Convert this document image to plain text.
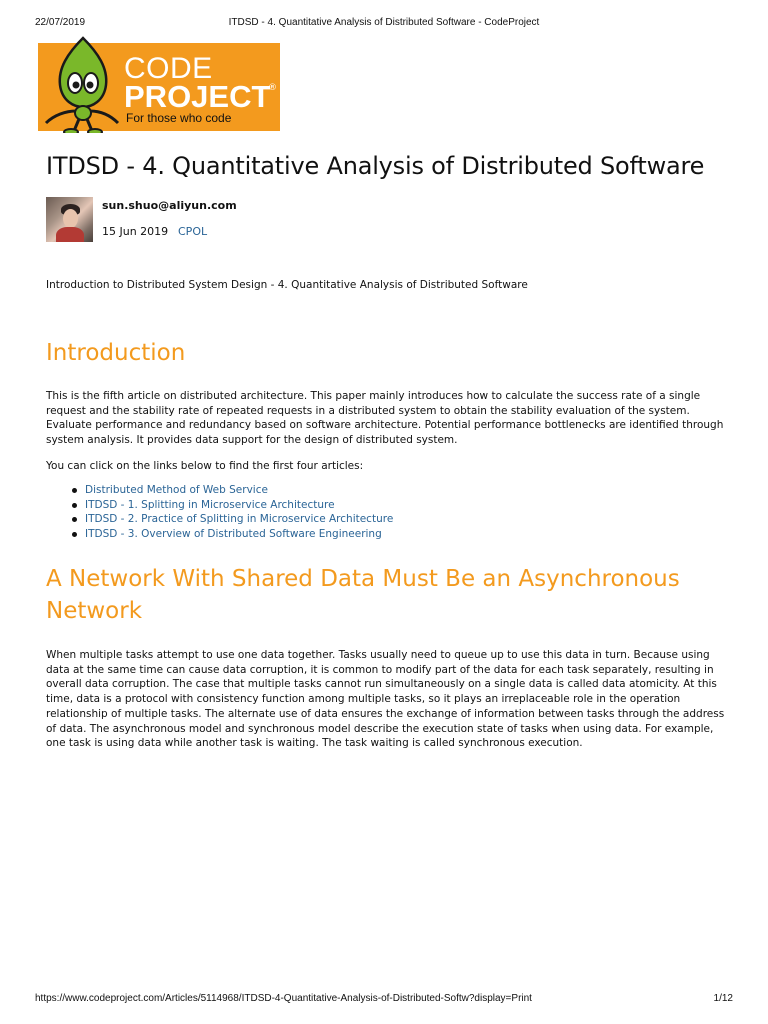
22/07/2019	ITDSD - 4. Quantitative Analysis of Distributed Software - CodeProject
CODE
PROJECT
®
For those who code
ITDSD - 4. Quantitative Analysis of Distributed Software
sun.shuo@aliyun.com
15 Jun 2019 CPOL
Introduction to Distributed System Design - 4. Quantitative Analysis of Distributed Software
Introduction

This is the fifth article on distributed architecture. This paper mainly introduces how to calculate the success rate of a single request and the stability rate of repeated requests in a distributed system to obtain the stability evaluation of the system. Evaluate performance and redundancy based on software architecture. Potential performance bottlenecks are identified through system analysis. It provides data support for the design of distributed system.

You can click on the links below to find the first four articles:

Distributed Method of Web Service
ITDSD - 1. Splitting in Microservice Architecture
ITDSD - 2. Practice of Splitting in Microservice Architecture
ITDSD - 3. Overview of Distributed Software Engineering
A Network With Shared Data Must Be an Asynchronous
Network

When multiple tasks attempt to use one data together. Tasks usually need to queue up to use this data in turn. Because using data at the same time can cause data corruption, it is common to modify part of the data for each task separately, resulting in overall data corruption. The case that multiple tasks cannot run simultaneously on a single data is called data atomicity. At this time, data is a protocol with consistency function among multiple tasks, so it plays an irreplaceable role in the operation relationship of multiple tasks. The alternate use of data ensures the exchange of information between tasks through the address of data. The asynchronous model and synchronous model describe the execution state of tasks when using data. For example, one task is using data while another task is waiting. The task waiting is called synchronous execution.

https://www.codeproject.com/Articles/5114968/ITDSD-4-Quantitative-Analysis-of-Distributed-Softw?display=Print	1/12
